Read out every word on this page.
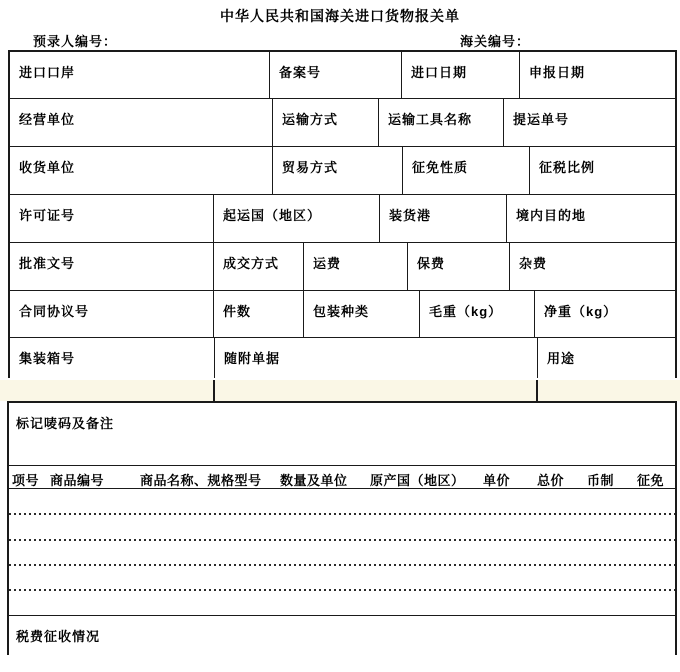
中华人民共和国海关进口货物报关单
预录人编号：	海关编号：
进口口岸	备案号	进口日期	申报日期
经营单位	运输方式	运输工具名称	提运单号
收货单位	贸易方式	征免性质	征税比例
许可证号	起运国（地区）	装货港	境内目的地
批准文号	成交方式	运费	保费	杂费
合同协议号	件数	包装种类	毛重（kg）	净重（kg）
集装箱号	随附单据	用途
标记唛码及备注
项号 商品编号	商品名称、规格型号 数量及单位 原产国（地区） 单价 总价 币制 征免
税费征收情况
